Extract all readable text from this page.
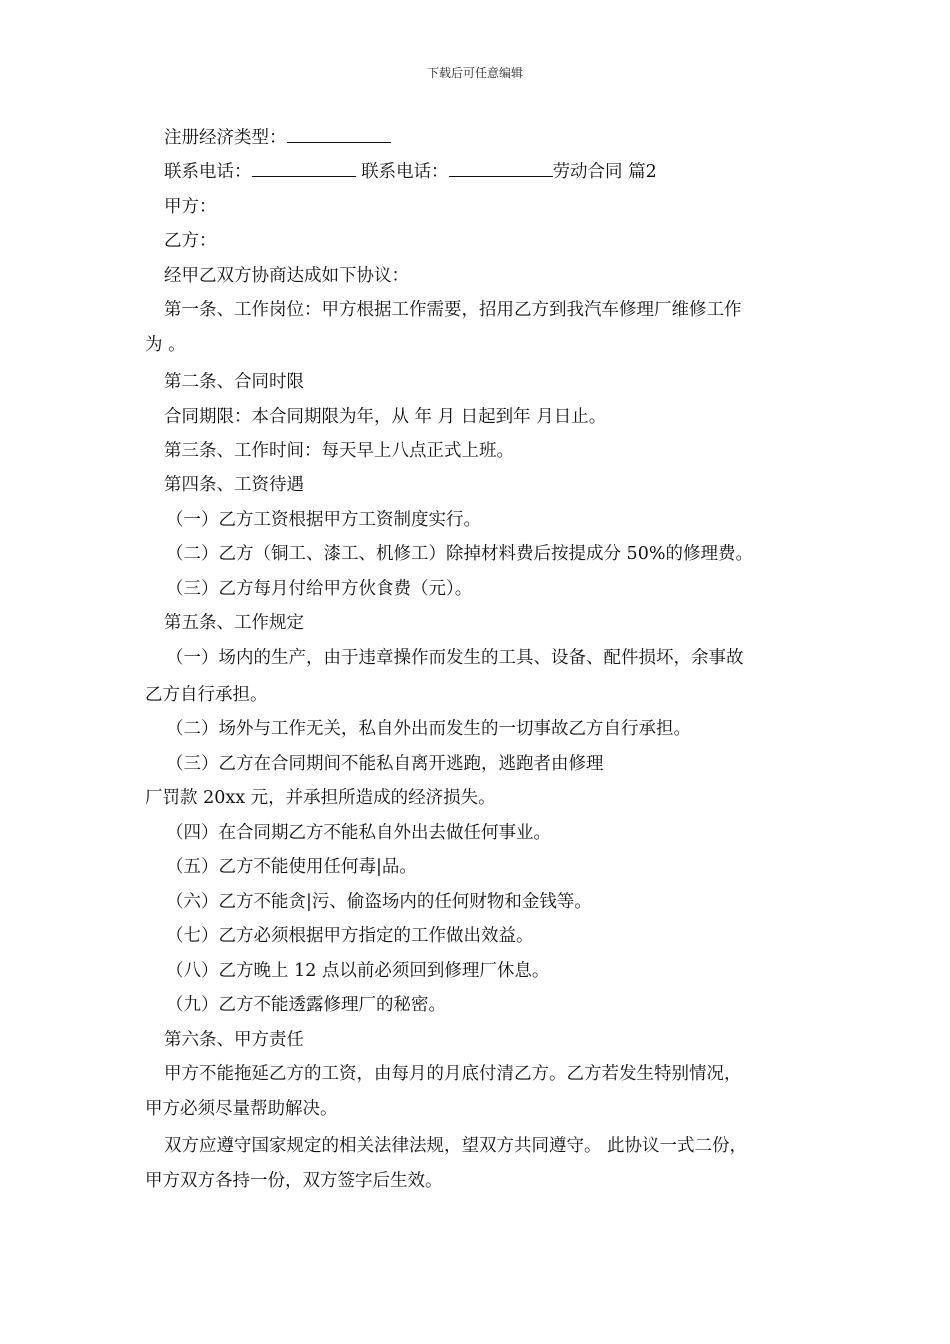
下载后可任意编辑
注册经济类型：
联系电话：	联系电话：	劳动合同 篇2
甲方：
乙方：
经甲乙双方协商达成如下协议：
第一条、工作岗位：甲方根据工作需要，招用乙方到我汽车修理厂维修工作
为 。
第二条、合同时限
合同期限：本合同期限为年，从 年 月 日起到年 月日止。
第三条、工作时间：每天早上八点正式上班。
第四条、工资待遇
（一）乙方工资根据甲方工资制度实行。
（二）乙方（铜工、漆工、机修工）除掉材料费后按提成分 50%的修理费。
（三）乙方每月付给甲方伙食费（元）。
第五条、工作规定
（一）场内的生产，由于违章操作而发生的工具、设备、配件损坏，余事故
乙方自行承担。
（二）场外与工作无关，私自外出而发生的一切事故乙方自行承担。
（三）乙方在合同期间不能私自离开逃跑，逃跑者由修理
厂罚款 20xx 元，并承担所造成的经济损失。
（四）在合同期乙方不能私自外出去做任何事业。
（五）乙方不能使用任何毒|品。
（六）乙方不能贪|污、偷盗场内的任何财物和金钱等。
（七）乙方必须根据甲方指定的工作做出效益。
（八）乙方晚上 12 点以前必须回到修理厂休息。
（九）乙方不能透露修理厂的秘密。
第六条、甲方责任
甲方不能拖延乙方的工资，由每月的月底付清乙方。乙方若发生特别情况，
甲方必须尽量帮助解决。
双方应遵守国家规定的相关法律法规，望双方共同遵守。 此协议一式二份，
甲方双方各持一份，双方签字后生效。
